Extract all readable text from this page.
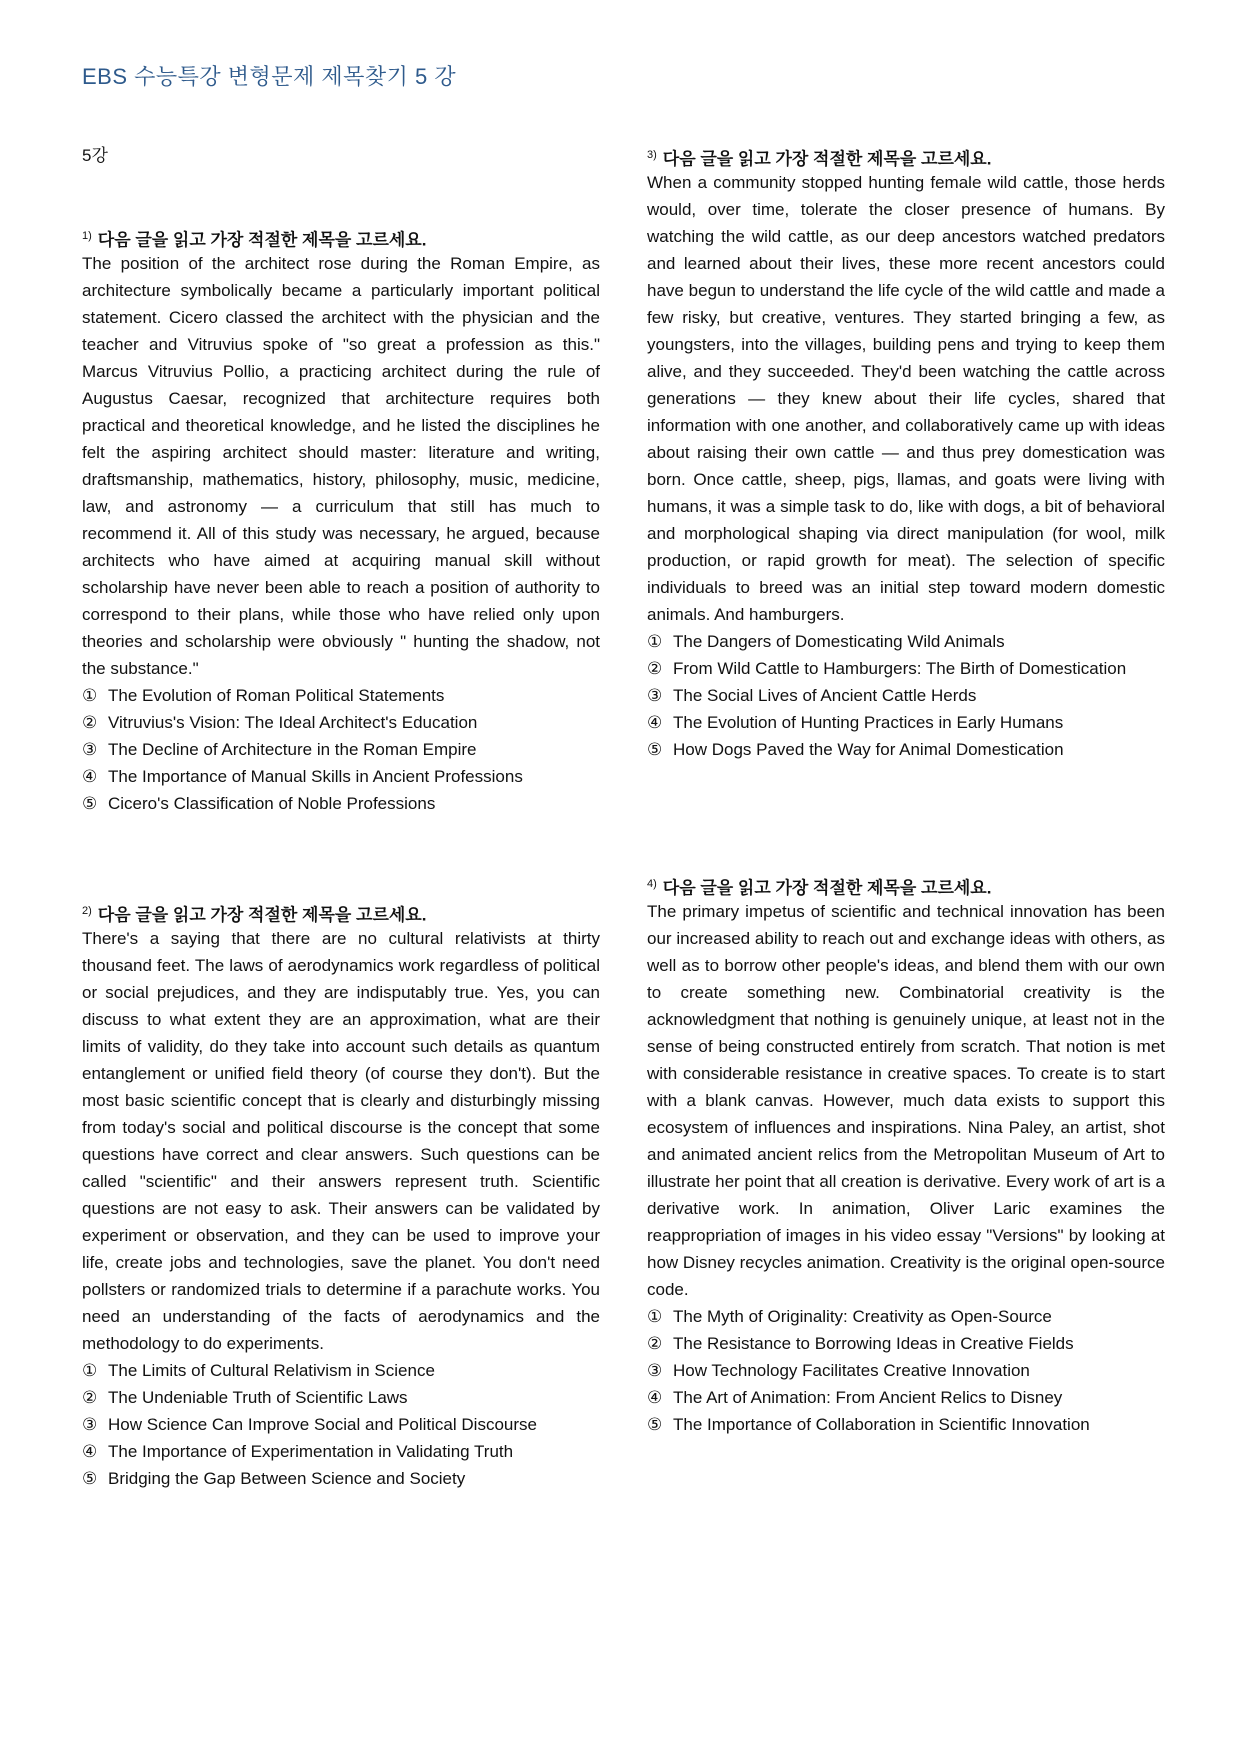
EBS 수능특강 변형문제 제목찾기 5 강
5강
$^{1)}$ 다음 글을 읽고 가장 적절한 제목을 고르세요.

The position of the architect rose during the Roman Empire, as architecture symbolically became a particularly important political statement. Cicero classed the architect with the physician and the teacher and Vitruvius spoke of "so great a profession as this." Marcus Vitruvius Pollio, a practicing architect during the rule of Augustus Caesar, recognized that architecture requires both practical and theoretical knowledge, and he listed the disciplines he felt the aspiring architect should master: literature and writing, draftsmanship, mathematics, history, philosophy, music, medicine, law, and astronomy ― a curriculum that still has much to recommend it. All of this study was necessary, he argued, because architects who have aimed at acquiring manual skill without scholarship have never been able to reach a position of authority to correspond to their plans, while those who have relied only upon theories and scholarship were obviously " hunting the shadow, not the substance."

① The Evolution of Roman Political Statements
② Vitruvius's Vision: The Ideal Architect's Education
③ The Decline of Architecture in the Roman Empire
④ The Importance of Manual Skills in Ancient Professions
⑤ Cicero's Classification of Noble Professions
$^{2)}$ 다음 글을 읽고 가장 적절한 제목을 고르세요.

There's a saying that there are no cultural relativists at thirty thousand feet. The laws of aerodynamics work regardless of political or social prejudices, and they are indisputably true. Yes, you can discuss to what extent they are an approximation, what are their limits of validity, do they take into account such details as quantum entanglement or unified field theory (of course they don't). But the most basic scientific concept that is clearly and disturbingly missing from today's social and political discourse is the concept that some questions have correct and clear answers. Such questions can be called "scientific" and their answers represent truth. Scientific questions are not easy to ask. Their answers can be validated by experiment or observation, and they can be used to improve your life, create jobs and technologies, save the planet. You don't need pollsters or randomized trials to determine if a parachute works. You need an understanding of the facts of aerodynamics and the methodology to do experiments.

① The Limits of Cultural Relativism in Science
② The Undeniable Truth of Scientific Laws
③ How Science Can Improve Social and Political Discourse
④ The Importance of Experimentation in Validating Truth
⑤ Bridging the Gap Between Science and Society
$^{3)}$ 다음 글을 읽고 가장 적절한 제목을 고르세요.

When a community stopped hunting female wild cattle, those herds would, over time, tolerate the closer presence of humans. By watching the wild cattle, as our deep ancestors watched predators and learned about their lives, these more recent ancestors could have begun to understand the life cycle of the wild cattle and made a few risky, but creative, ventures. They started bringing a few, as youngsters, into the villages, building pens and trying to keep them alive, and they succeeded. They'd been watching the cattle across generations ― they knew about their life cycles, shared that information with one another, and collaboratively came up with ideas about raising their own cattle ― and thus prey domestication was born. Once cattle, sheep, pigs, llamas, and goats were living with humans, it was a simple task to do, like with dogs, a bit of behavioral and morphological shaping via direct manipulation (for wool, milk production, or rapid growth for meat). The selection of specific individuals to breed was an initial step toward modern domestic animals. And hamburgers.

① The Dangers of Domesticating Wild Animals
② From Wild Cattle to Hamburgers: The Birth of Domestication
③ The Social Lives of Ancient Cattle Herds
④ The Evolution of Hunting Practices in Early Humans
⑤ How Dogs Paved the Way for Animal Domestication
$^{4)}$ 다음 글을 읽고 가장 적절한 제목을 고르세요.

The primary impetus of scientific and technical innovation has been our increased ability to reach out and exchange ideas with others, as well as to borrow other people's ideas, and blend them with our own to create something new. Combinatorial creativity is the acknowledgment that nothing is genuinely unique, at least not in the sense of being constructed entirely from scratch. That notion is met with considerable resistance in creative spaces. To create is to start with a blank canvas. However, much data exists to support this ecosystem of influences and inspirations. Nina Paley, an artist, shot and animated ancient relics from the Metropolitan Museum of Art to illustrate her point that all creation is derivative. Every work of art is a derivative work. In animation, Oliver Laric examines the reappropriation of images in his video essay "Versions" by looking at how Disney recycles animation. Creativity is the original open-source code.

① The Myth of Originality: Creativity as Open-Source
② The Resistance to Borrowing Ideas in Creative Fields
③ How Technology Facilitates Creative Innovation
④ The Art of Animation: From Ancient Relics to Disney
⑤ The Importance of Collaboration in Scientific Innovation
